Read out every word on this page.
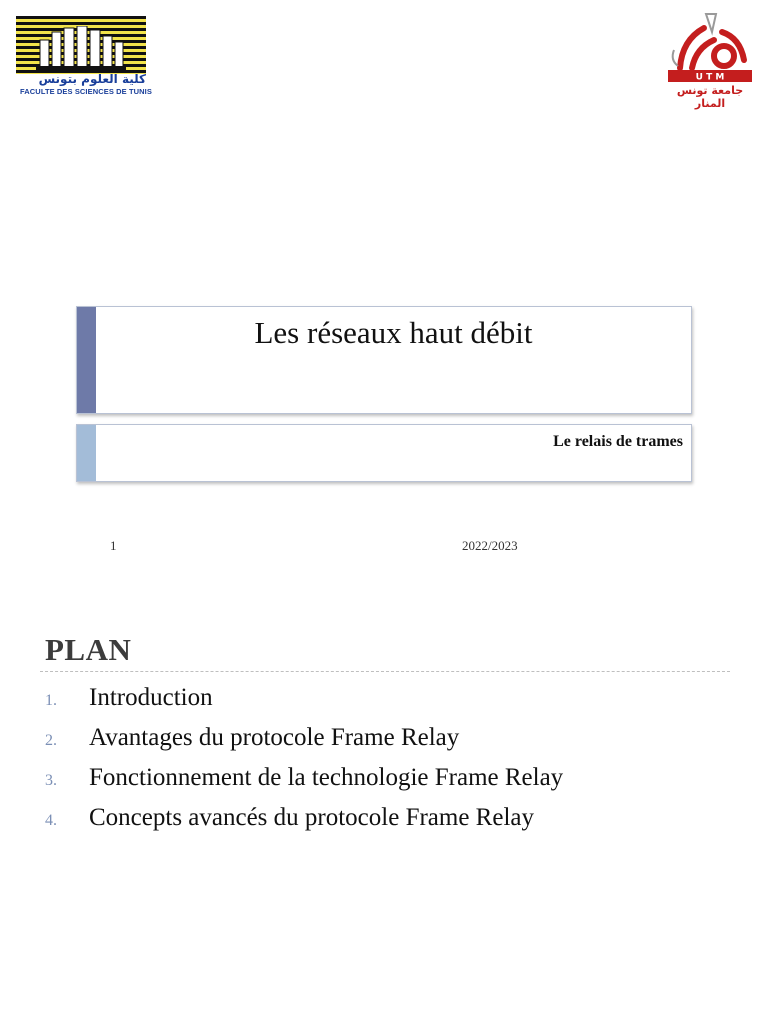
كلية العلوم بتونس
FACULTE DES SCIENCES DE TUNIS
U T M
جامعة تونس المنار
Les réseaux haut débit
Le relais de trames
1	2022/2023
PLAN
1. Introduction
2. Avantages du protocole Frame Relay
3. Fonctionnement de la technologie Frame Relay
4. Concepts avancés du protocole Frame Relay
